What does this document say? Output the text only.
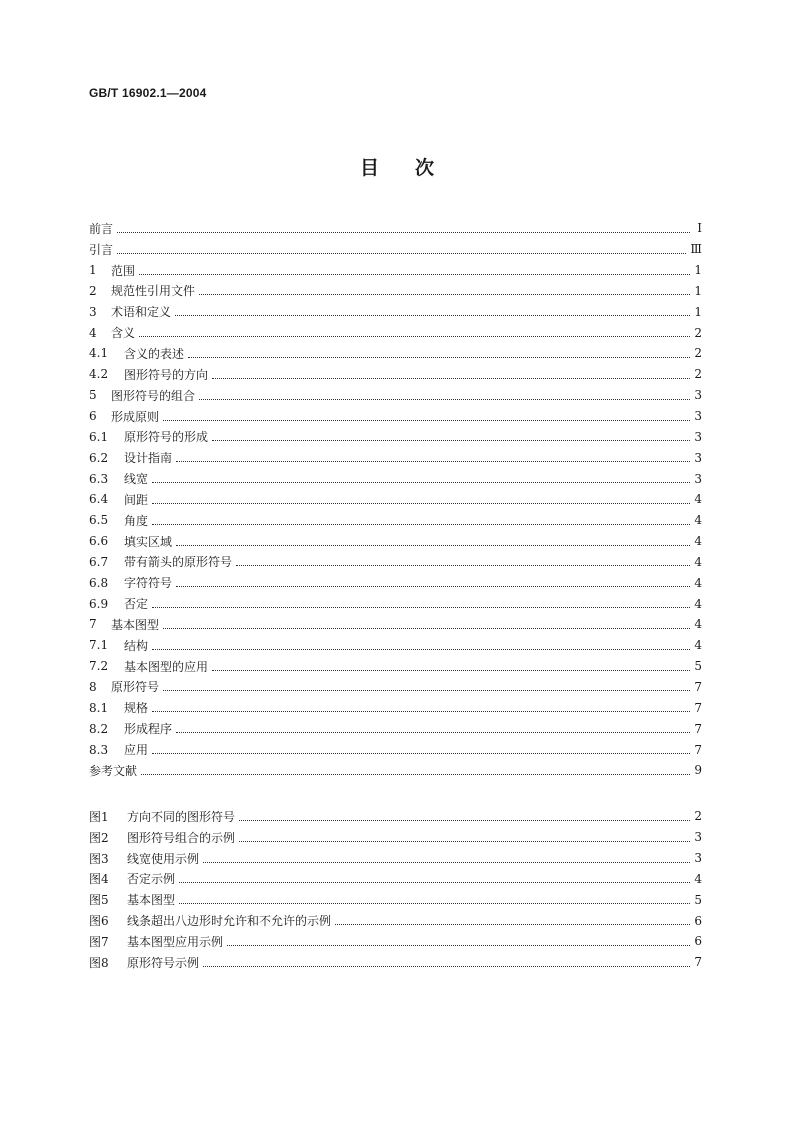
GB/T 16902.1—2004
目次
前言	Ⅰ
引言	Ⅲ
1	范围	1
2	规范性引用文件	1
3	术语和定义	1
4	含义	2
4.1	含义的表述	2
4.2	图形符号的方向	2
5	图形符号的组合	3
6	形成原则	3
6.1	原形符号的形成	3
6.2	设计指南	3
6.3	线宽	3
6.4	间距	4
6.5	角度	4
6.6	填实区域	4
6.7	带有箭头的原形符号	4
6.8	字符符号	4
6.9	否定	4
7	基本图型	4
7.1	结构	4
7.2	基本图型的应用	5
8	原形符号	7
8.1	规格	7
8.2	形成程序	7
8.3	应用	7
参考文献	9
图1	方向不同的图形符号	2
图2	图形符号组合的示例	3
图3	线宽使用示例	3
图4	否定示例	4
图5	基本图型	5
图6	线条超出八边形时允许和不允许的示例	6
图7	基本图型应用示例	6
图8	原形符号示例	7
